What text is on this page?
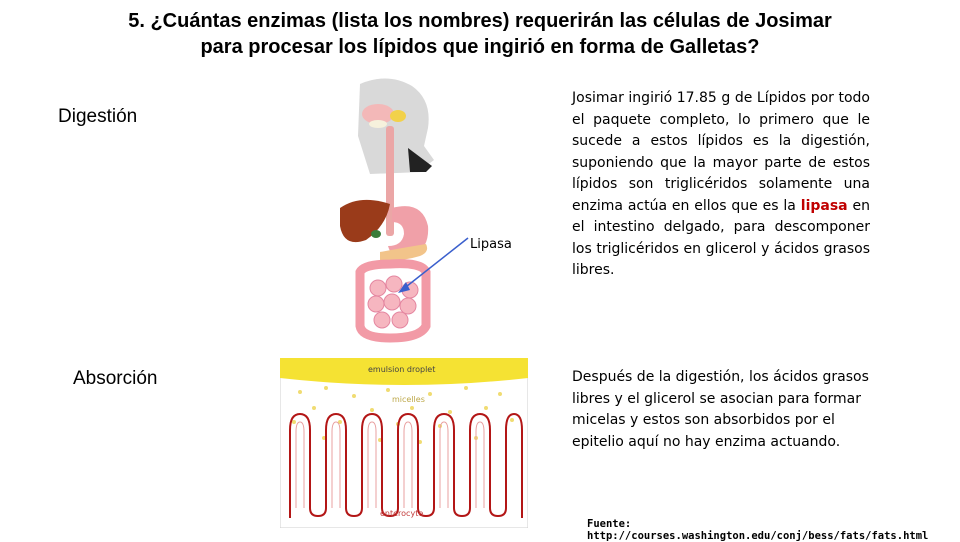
5. ¿Cuántas enzimas (lista los nombres) requerirán las células de Josimar
para procesar los lípidos que ingirió en forma de Galletas?
Digestión
Absorción
Lipasa
emulsion droplet
micelles
enterocyte
Josimar ingirió 17.85 g de Lípidos por todo el paquete completo, lo primero que le sucede a estos lípidos es la digestión, suponiendo que la mayor parte de estos lípidos son triglicéridos solamente una enzima actúa en ellos que es la lipasa en el intestino delgado, para descomponer los triglicéridos en glicerol y ácidos grasos libres.
Después de la digestión, los ácidos grasos libres y el glicerol se asocian para formar micelas y estos son absorbidos por el epitelio aquí no hay enzima actuando.
Fuente: http://courses.washington.edu/conj/bess/fats/fats.html
